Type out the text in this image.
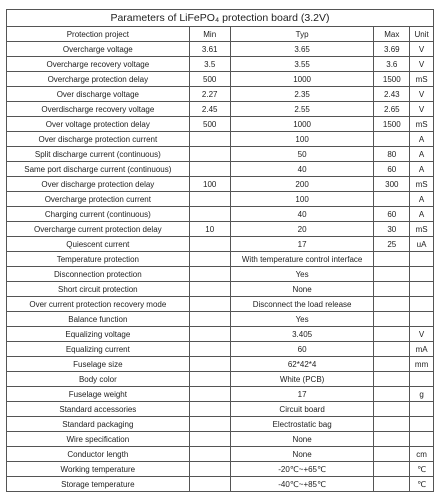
Parameters of LiFePO₄ protection board (3.2V)				
Protection project	Min	Typ	Max	Unit
Overcharge voltage	3.61	3.65	3.69	V
Overcharge recovery voltage	3.5	3.55	3.6	V
Overcharge protection delay	500	1000	1500	mS
Over discharge voltage	2.27	2.35	2.43	V
Overdischarge recovery voltage	2.45	2.55	2.65	V
Over voltage protection delay	500	1000	1500	mS
Over discharge protection current		100		A
Split discharge current (continuous)		50	80	A
Same port discharge current (continuous)		40	60	A
Over discharge protection delay	100	200	300	mS
Overcharge protection current		100		A
Charging current (continuous)		40	60	A
Overcharge current protection delay	10	20	30	mS
Quiescent current		17	25	uA
Temperature protection		With temperature control interface		
Disconnection protection		Yes		
Short circuit protection		None		
Over current protection recovery mode		Disconnect the load release		
Balance function		Yes		
Equalizing voltage		3.405		V
Equalizing current		60		mA
Fuselage size		62*42*4		mm
Body color		White (PCB)		
Fuselage weight		17		g
Standard accessories		Circuit board		
Standard packaging		Electrostatic bag		
Wire specification		None		
Conductor length		None		cm
Working temperature		-20℃~+65℃		℃
Storage temperature		-40℃~+85℃		℃
